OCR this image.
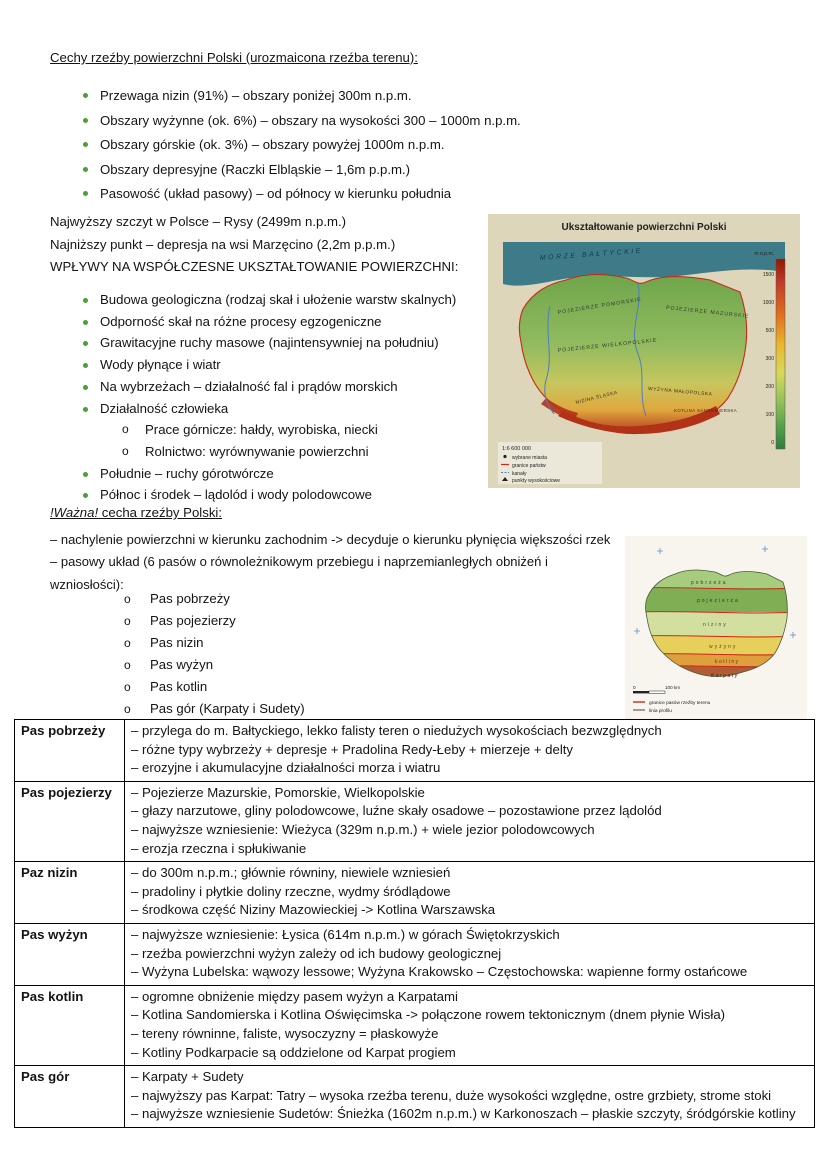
Cechy rzeźby powierzchni Polski (urozmaicona rzeźba terenu):
Przewaga nizin (91%) – obszary poniżej 300m n.p.m.
Obszary wyżynne (ok. 6%) – obszary na wysokości 300 – 1000m n.p.m.
Obszary górskie (ok. 3%) – obszary powyżej 1000m n.p.m.
Obszary depresyjne (Raczki Elbląskie – 1,6m p.p.m.)
Pasowość (układ pasowy) – od północy w kierunku południa
Najwyższy szczyt w Polsce – Rysy (2499m n.p.m.)
Najniższy punkt – depresja na wsi Marzęcino (2,2m p.p.m.)
WPŁYWY NA WSPÓŁCZESNE UKSZTAŁTOWANIE POWIERZCHNI:
Budowa geologiczna (rodzaj skał i ułożenie warstw skalnych)
Odporność skał na różne procesy egzogeniczne
Grawitacyjne ruchy masowe (najintensywniej na południu)
Wody płynące i wiatr
Na wybrzeżach – działalność fal i prądów morskich
Działalność człowieka
o Prace górnicze: hałdy, wyrobiska, niecki
o Rolnictwo: wyrównywanie powierzchni
Południe – ruchy górotwórcze
Północ i środek – lądolód i wody polodowcowe
Ukształtowanie powierzchni Polski
MORZE BAŁTYCKIE
POJEZIERZE POMORSKIE	POJEZIERZE MAZURSKIE
POJEZIERZE WIELKOPOLSKIE
NIZINA ŚLĄSKA	WYŻYNA MAŁOPOLSKA
KOTLINA SANDOMIERSKA
m n.p.m.
1500
1000
500
300
200
100
0
1:6 600 000
wybrane miasta
granice państw
kanały
punkty wysokościowe
!Ważna! cecha rzeźby Polski:
– nachylenie powierzchni w kierunku zachodnim -> decyduje o kierunku płynięcia większości rzek
– pasowy układ (6 pasów o równoleżnikowym przebiegu i naprzemianległych obniżeń i wzniosłości):
o Pas pobrzeży
o Pas pojezierzy
o Pas nizin
o Pas wyżyn
o Pas kotlin
o Pas gór (Karpaty i Sudety)
pobrzeża
pojezierza
niziny
wyżyny
kotliny
Karpaty
0	100 km
granice pasów rzeźby terenu
linia profilu
Pas pobrzeży	– przylega do m. Bałtyckiego, lekko falisty teren o niedużych wysokościach bezwzględnych
– różne typy wybrzeży + depresje + Pradolina Redy-Łeby + mierzeje + delty
– erozyjne i akumulacyjne działalności morza i wiatru

Pas pojezierzy	– Pojezierze Mazurskie, Pomorskie, Wielkopolskie
– głazy narzutowe, gliny polodowcowe, luźne skały osadowe – pozostawione przez lądolód
– najwyższe wzniesienie: Wieżyca (329m n.p.m.) + wiele jezior polodowcowych
– erozja rzeczna i spłukiwanie

Paz nizin	– do 300m n.p.m.; głównie równiny, niewiele wzniesień
– pradoliny i płytkie doliny rzeczne, wydmy śródlądowe
– środkowa część Niziny Mazowieckiej -> Kotlina Warszawska

Pas wyżyn	– najwyższe wzniesienie: Łysica (614m n.p.m.) w górach Świętokrzyskich
– rzeźba powierzchni wyżyn zależy od ich budowy geologicznej
– Wyżyna Lubelska: wąwozy lessowe; Wyżyna Krakowsko – Częstochowska: wapienne formy ostańcowe

Pas kotlin	– ogromne obniżenie między pasem wyżyn a Karpatami
– Kotlina Sandomierska i Kotlina Oświęcimska -> połączone rowem tektonicznym (dnem płynie Wisła)
– tereny równinne, faliste, wysoczyzny = płaskowyże
– Kotliny Podkarpacie są oddzielone od Karpat progiem

Pas gór	– Karpaty + Sudety
– najwyższy pas Karpat: Tatry – wysoka rzeźba terenu, duże wysokości względne, ostre grzbiety, strome stoki
– najwyższe wzniesienie Sudetów: Śnieżka (1602m n.p.m.) w Karkonoszach – płaskie szczyty, śródgórskie kotliny
